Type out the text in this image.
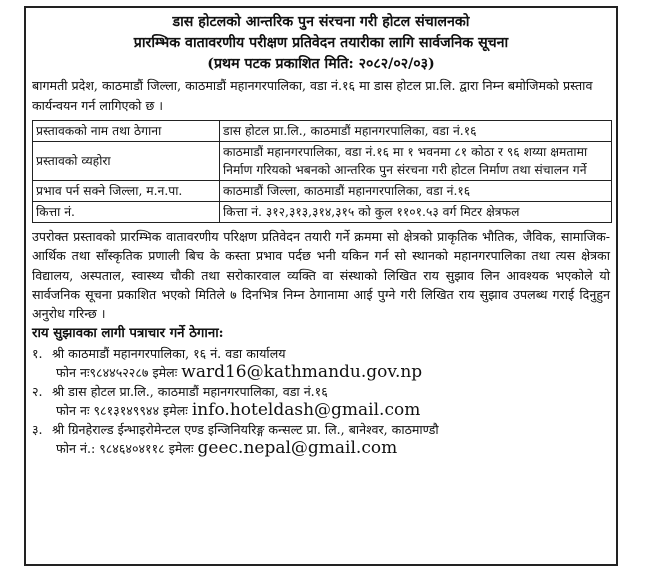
डास होटलको आन्तरिक पुन संरचना गरी होटल संचालनको
प्रारम्भिक वातावरणीय परीक्षण प्रतिवेदन तयारीका लागि सार्वजनिक सूचना
(प्रथम पटक प्रकाशित मिति: २०८२/०२/०३)
बागमती प्रदेश, काठमाडौं जिल्ला, काठमाडौं महानगरपालिका, वडा नं.१६ मा डास होटल प्रा.लि. द्वारा निम्न बमोजिमको प्रस्ताव कार्यन्वयन गर्न लागिएको छ ।
प्रस्तावकको नाम तथा ठेगाना	डास होटल प्रा.लि., काठमाडौं महानगरपालिका, वडा नं.१६
प्रस्तावको व्यहोरा	काठमाडौं महानगरपालिका, वडा नं.१६ मा १ भवनमा ८१ कोठा र ९६ शय्या क्षमतामा निर्माण गरियको भबनको आन्तरिक पुन संरचना गरी होटल निर्माण तथा संचालन गर्ने
प्रभाव पर्न सक्ने जिल्ला, म.न.पा.	काठमाडौं जिल्ला, काठमाडौं महानगरपालिका, वडा नं.१६
कित्ता नं.	कित्ता नं. ३१२,३१३,३१४,३१५ को कुल ११०१.५३ वर्ग मिटर क्षेत्रफल
उपरोक्त प्रस्तावको प्रारम्भिक वातावरणीय परिक्षण प्रतिवेदन तयारी गर्ने क्रममा सो क्षेत्रको प्राकृतिक भौतिक, जैविक, सामाजिक-आर्थिक तथा साँस्कृतिक प्रणाली बिच के कस्ता प्रभाव पर्दछ भनी यकिन गर्न सो स्थानको महानगरपालिका तथा त्यस क्षेत्रका विद्यालय, अस्पताल, स्वास्थ्य चौकी तथा सरोकारवाल व्यक्ति वा संस्थाको लिखित राय सुझाव लिन आवश्यक भएकोले यो सार्वजनिक सूचना प्रकाशित भएको मितिले ७ दिनभित्र निम्न ठेगानामा आई पुग्ने गरी लिखित राय सुझाव उपलब्ध गराई दिनुहुन अनुरोध गरिन्छ ।
राय सुझावका लागी पत्राचार गर्ने ठेगाना:
१. श्री काठमाडौं महानगरपालिका, १६ नं. वडा कार्यालय
फोन नः९८४४५२२८७ इमेलः ward16@kathmandu.gov.np
२. श्री डास होटल प्रा.लि., काठमाडौं महानगरपालिका, वडा नं.१६
फोन नः ९८१३१४९९४४ इमेलः info.hoteldash@gmail.com
३. श्री ग्रिनहेराल्ड ईन्भाइरोमेन्टल एण्ड इन्जिनियरिङ्ग कन्सल्ट प्रा. लि., बानेश्वर, काठमाण्डौ
फोन नं.: ९८४६४०४११८ इमेलः geec.nepal@gmail.com
